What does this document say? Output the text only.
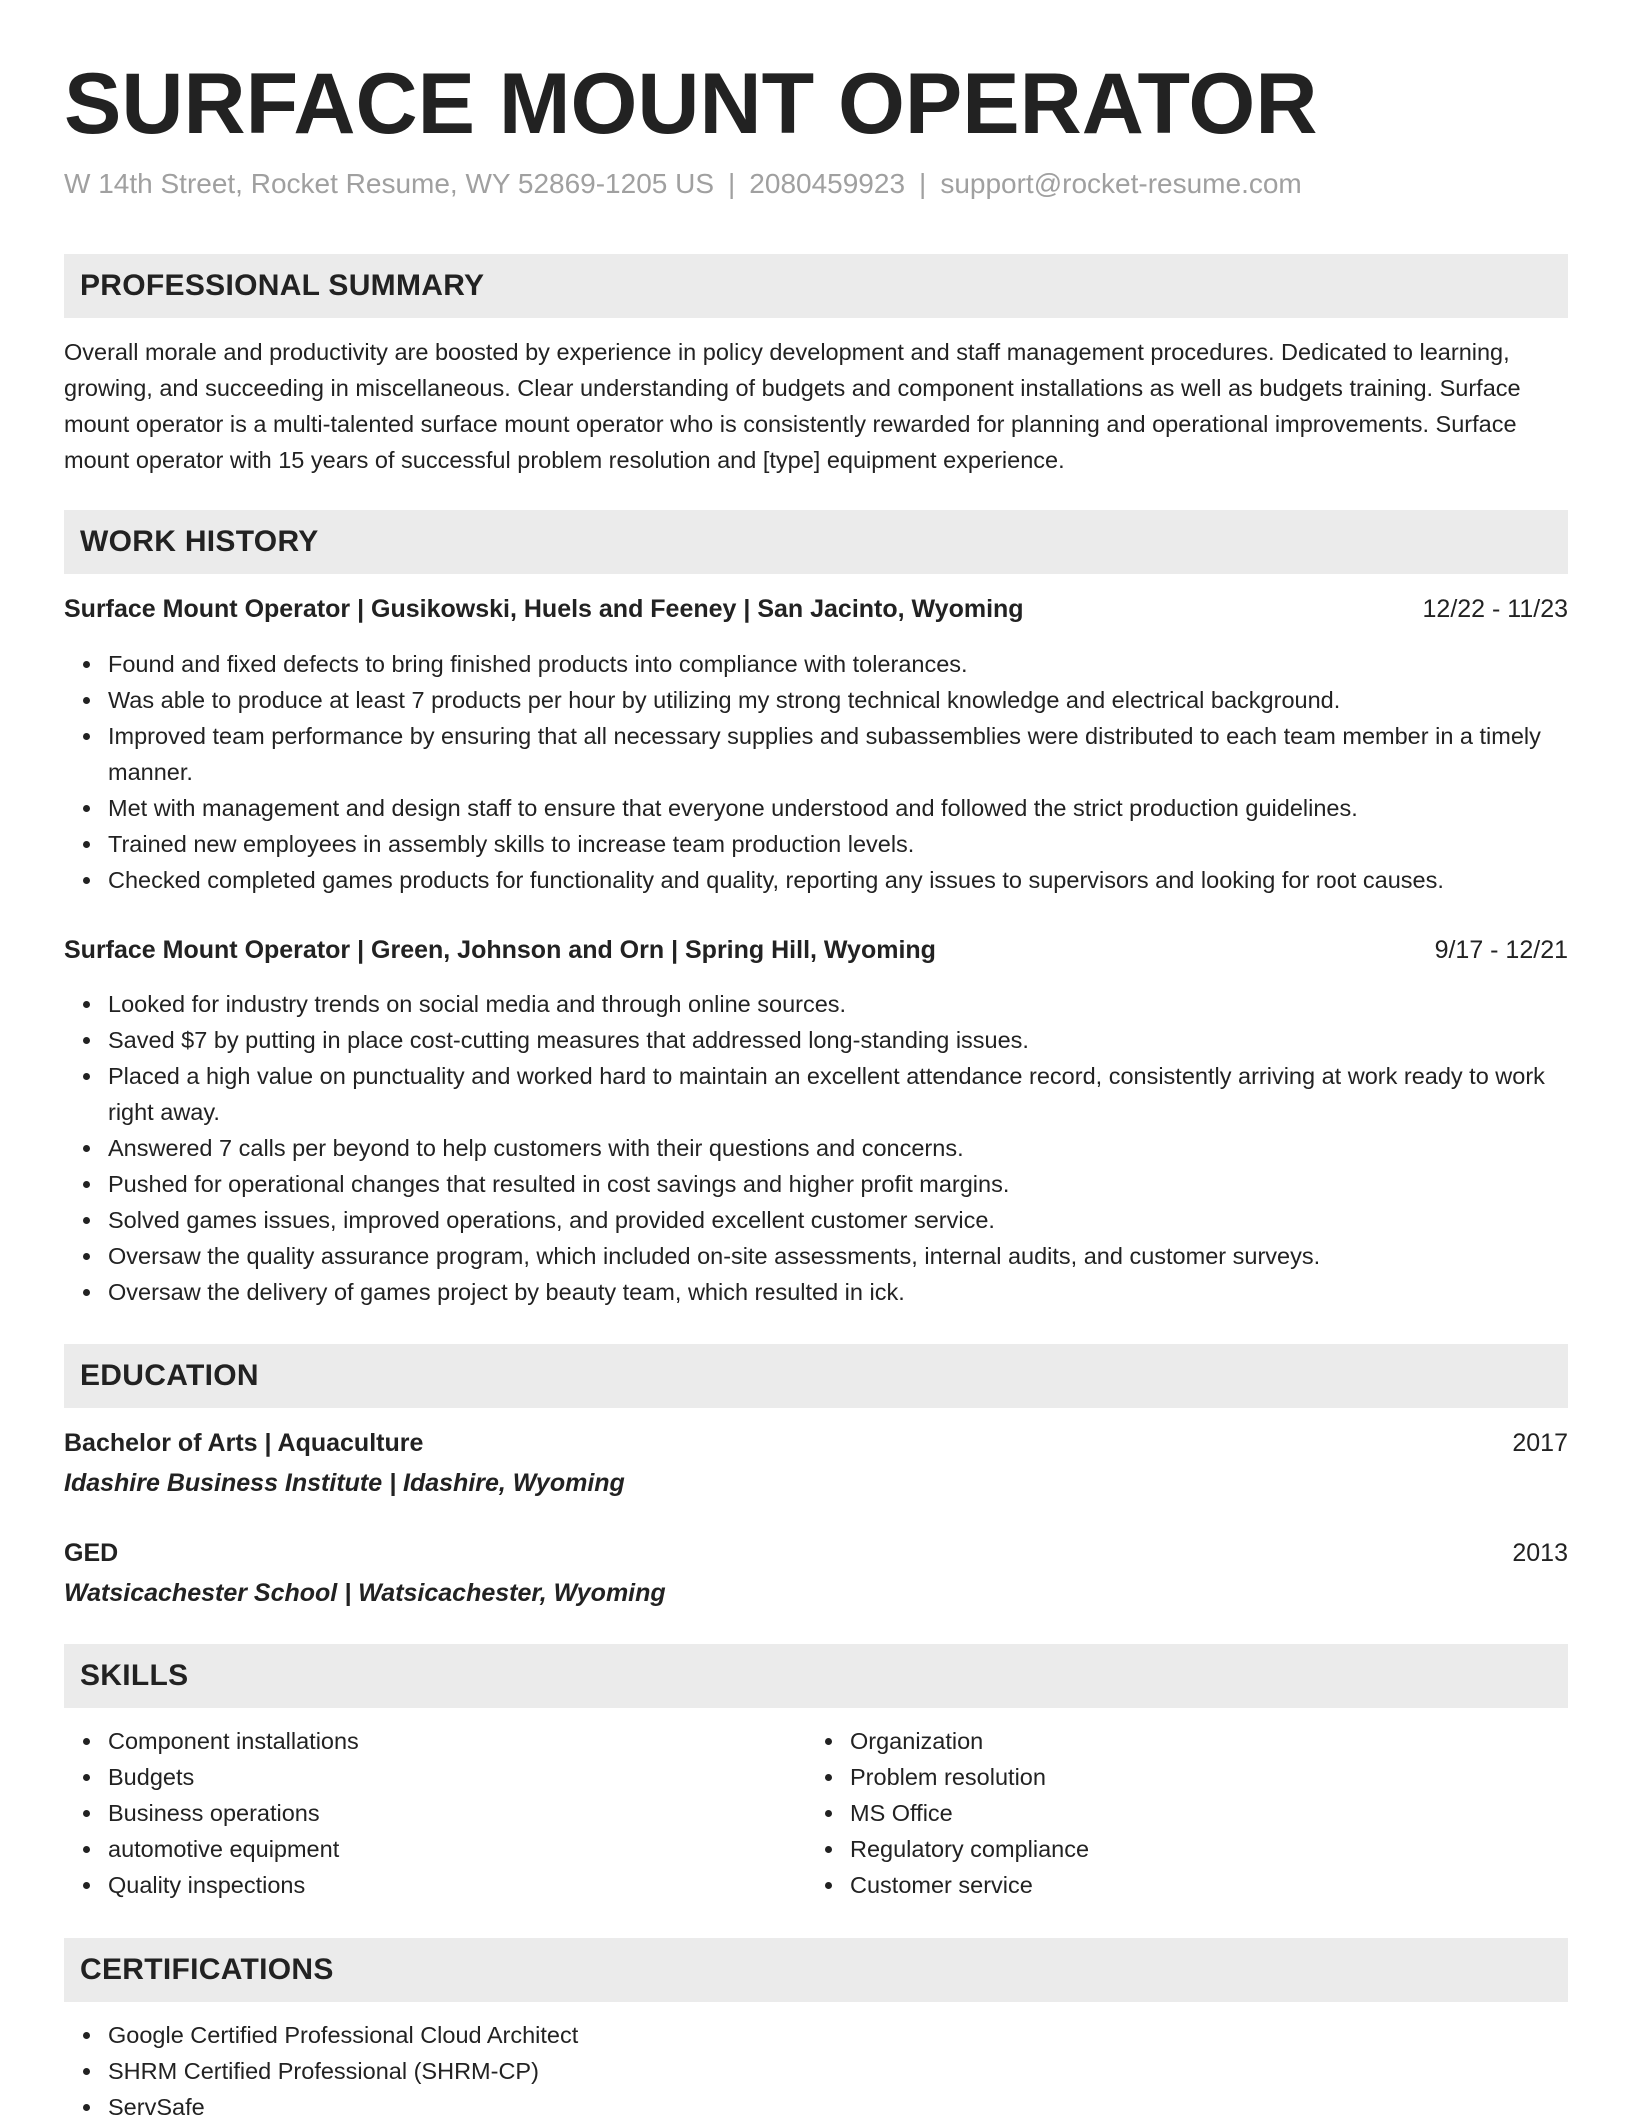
SURFACE MOUNT OPERATOR
W 14th Street, Rocket Resume, WY 52869-1205 US | 2080459923 | support@rocket-resume.com
PROFESSIONAL SUMMARY

Overall morale and productivity are boosted by experience in policy development and staff management procedures. Dedicated to learning, growing, and succeeding in miscellaneous. Clear understanding of budgets and component installations as well as budgets training. Surface mount operator is a multi-talented surface mount operator who is consistently rewarded for planning and operational improvements. Surface mount operator with 15 years of successful problem resolution and [type] equipment experience.

WORK HISTORY
Surface Mount Operator | Gusikowski, Huels and Feeney | San Jacinto, Wyoming	12/22 - 11/23
Found and fixed defects to bring finished products into compliance with tolerances.
Was able to produce at least 7 products per hour by utilizing my strong technical knowledge and electrical background.
Improved team performance by ensuring that all necessary supplies and subassemblies were distributed to each team member in a timely manner.
Met with management and design staff to ensure that everyone understood and followed the strict production guidelines.
Trained new employees in assembly skills to increase team production levels.
Checked completed games products for functionality and quality, reporting any issues to supervisors and looking for root causes.
Surface Mount Operator | Green, Johnson and Orn | Spring Hill, Wyoming	9/17 - 12/21
Looked for industry trends on social media and through online sources.
Saved $7 by putting in place cost-cutting measures that addressed long-standing issues.
Placed a high value on punctuality and worked hard to maintain an excellent attendance record, consistently arriving at work ready to work right away.
Answered 7 calls per beyond to help customers with their questions and concerns.
Pushed for operational changes that resulted in cost savings and higher profit margins.
Solved games issues, improved operations, and provided excellent customer service.
Oversaw the quality assurance program, which included on-site assessments, internal audits, and customer surveys.
Oversaw the delivery of games project by beauty team, which resulted in ick.
EDUCATION
Bachelor of Arts | Aquaculture	2017
Idashire Business Institute | Idashire, Wyoming
GED	2013
Watsicachester School | Watsicachester, Wyoming
SKILLS
Component installations
Budgets
Business operations
automotive equipment
Quality inspections
Organization
Problem resolution
MS Office
Regulatory compliance
Customer service
CERTIFICATIONS
Google Certified Professional Cloud Architect
SHRM Certified Professional (SHRM-CP)
ServSafe
